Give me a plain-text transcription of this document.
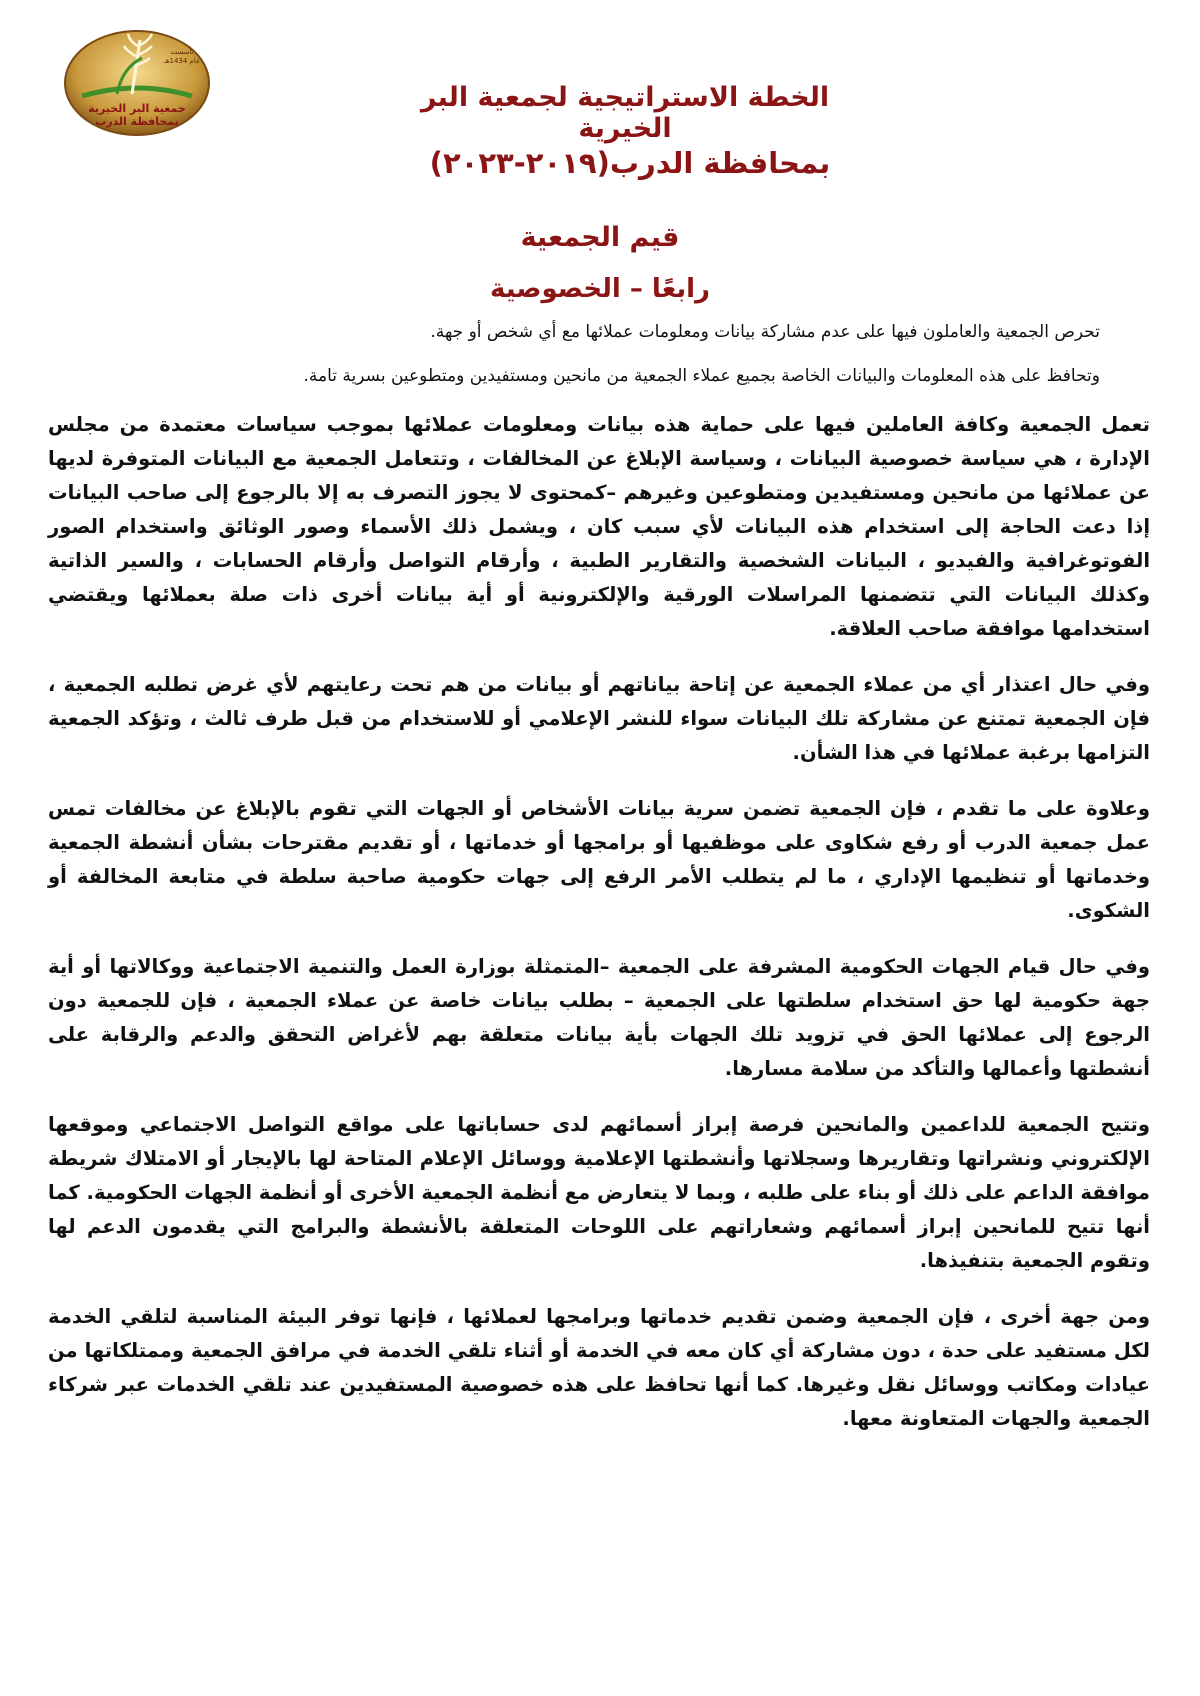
تأسست
عام 1434هـ
جمعية البر الخيرية
بمحافظة الدرب
الخطة الاستراتيجية لجمعية البر الخيرية
بمحافظة الدرب(٢٠١٩-٢٠٢٣)
قيم الجمعية
رابعًا – الخصوصية
تحرص الجمعية والعاملون فيها على عدم مشاركة بيانات ومعلومات عملائها مع أي شخص أو جهة.
وتحافظ على هذه المعلومات والبيانات الخاصة بجميع عملاء الجمعية من مانحين ومستفيدين ومتطوعين بسرية تامة.

تعمل الجمعية وكافة العاملين فيها على حماية هذه بيانات ومعلومات عملائها بموجب سياسات معتمدة من مجلس الإدارة ، هي سياسة خصوصية البيانات ، وسياسة الإبلاغ عن المخالفات ، وتتعامل الجمعية مع البيانات المتوفرة لديها عن عملائها من مانحين ومستفيدين ومتطوعين وغيرهم –كمحتوى لا يجوز التصرف به إلا بالرجوع إلى صاحب البيانات إذا دعت الحاجة إلى استخدام هذه البيانات لأي سبب كان ، ويشمل ذلك الأسماء وصور الوثائق واستخدام الصور الفوتوغرافية والفيديو ، البيانات الشخصية والتقارير الطبية ، وأرقام التواصل وأرقام الحسابات ، والسير الذاتية وكذلك البيانات التي تتضمنها المراسلات الورقية والإلكترونية أو أية بيانات أخرى ذات صلة بعملائها ويقتضي استخدامها موافقة صاحب العلاقة.

وفي حال اعتذار أي من عملاء الجمعية عن إتاحة بياناتهم أو بيانات من هم تحت رعايتهم لأي غرض تطلبه الجمعية ، فإن الجمعية تمتنع عن مشاركة تلك البيانات سواء للنشر الإعلامي أو للاستخدام من قبل طرف ثالث ، وتؤكد الجمعية التزامها برغبة عملائها في هذا الشأن.

وعلاوة على ما تقدم ، فإن الجمعية تضمن سرية بيانات الأشخاص أو الجهات التي تقوم بالإبلاغ عن مخالفات تمس عمل جمعية الدرب أو رفع شكاوى على موظفيها أو برامجها أو خدماتها ، أو تقديم مقترحات بشأن أنشطة الجمعية وخدماتها أو تنظيمها الإداري ، ما لم يتطلب الأمر الرفع إلى جهات حكومية صاحبة سلطة في متابعة المخالفة أو الشكوى.

وفي حال قيام الجهات الحكومية المشرفة على الجمعية –المتمثلة بوزارة العمل والتنمية الاجتماعية ووكالاتها أو أية جهة حكومية لها حق استخدام سلطتها على الجمعية – بطلب بيانات خاصة عن عملاء الجمعية ، فإن للجمعية دون الرجوع إلى عملائها الحق في تزويد تلك الجهات بأية بيانات متعلقة بهم لأغراض التحقق والدعم والرقابة على أنشطتها وأعمالها والتأكد من سلامة مسارها.

وتتيح الجمعية للداعمين والمانحين فرصة إبراز أسمائهم لدى حساباتها على مواقع التواصل الاجتماعي وموقعها الإلكتروني ونشراتها وتقاريرها وسجلاتها وأنشطتها الإعلامية ووسائل الإعلام المتاحة لها بالإيجار أو الامتلاك شريطة موافقة الداعم على ذلك أو بناء على طلبه ، وبما لا يتعارض مع أنظمة الجمعية الأخرى أو أنظمة الجهات الحكومية. كما أنها تتيح للمانحين إبراز أسمائهم وشعاراتهم على اللوحات المتعلقة بالأنشطة والبرامج التي يقدمون الدعم لها وتقوم الجمعية بتنفيذها.

ومن جهة أخرى ، فإن الجمعية وضمن تقديم خدماتها وبرامجها لعملائها ، فإنها توفر البيئة المناسبة لتلقي الخدمة لكل مستفيد على حدة ، دون مشاركة أي كان معه في الخدمة أو أثناء تلقي الخدمة في مرافق الجمعية وممتلكاتها من عيادات ومكاتب ووسائل نقل وغيرها. كما أنها تحافظ على هذه خصوصية المستفيدين عند تلقي الخدمات عبر شركاء الجمعية والجهات المتعاونة معها.
